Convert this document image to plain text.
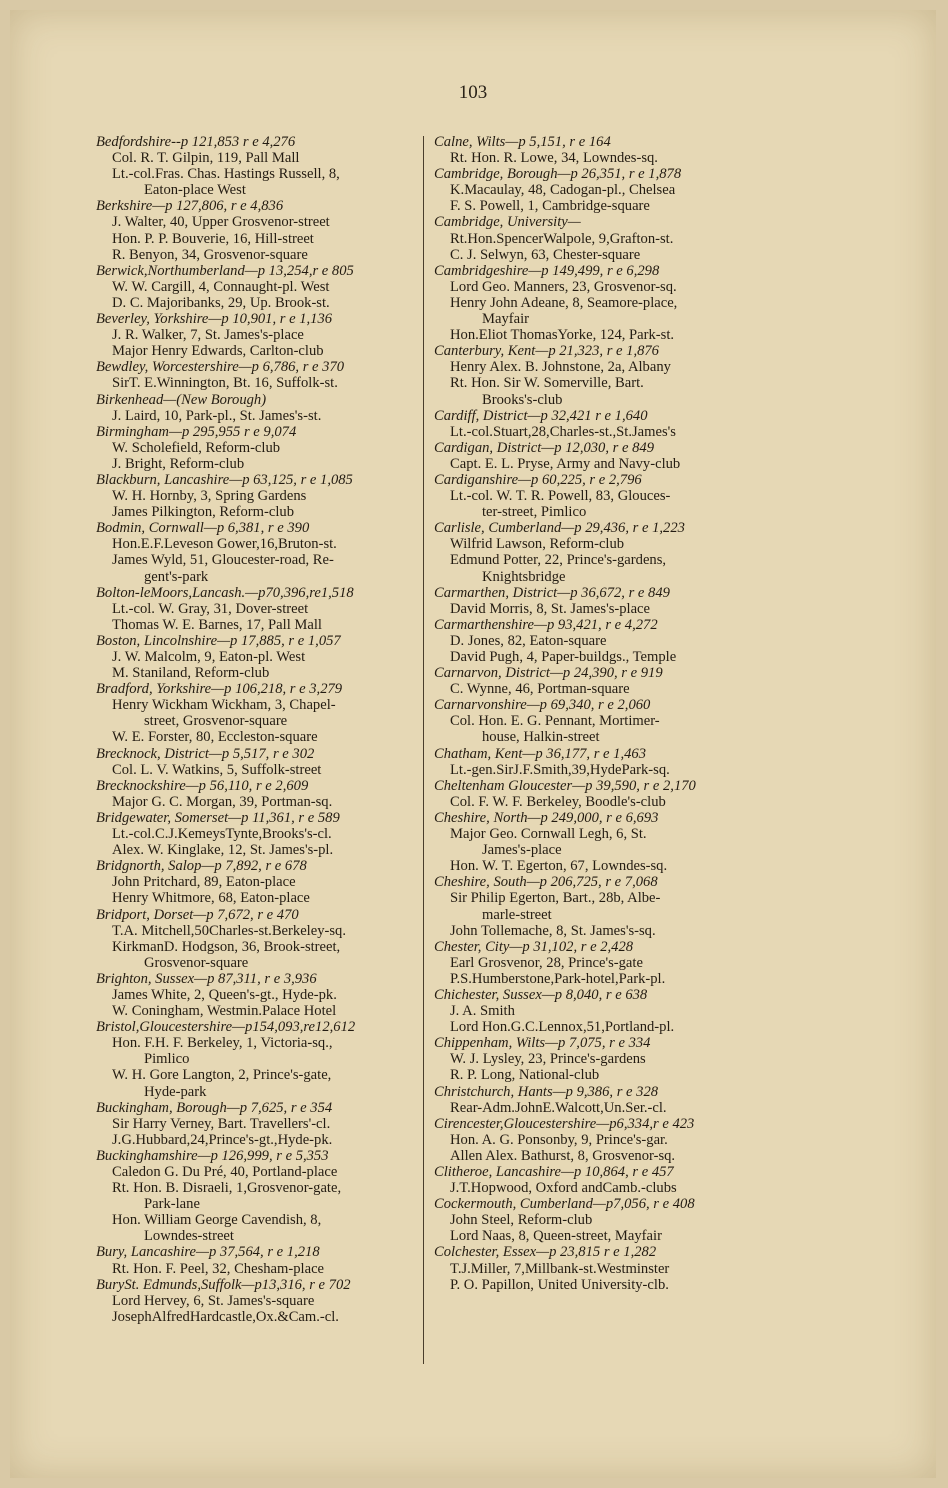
103
Bedfordshire--p 121,853 r e 4,276
Col. R. T. Gilpin, 119, Pall Mall
Lt.-col.Fras. Chas. Hastings Russell, 8,
Eaton-place West
Berkshire—p 127,806, r e 4,836
J. Walter, 40, Upper Grosvenor-street
Hon. P. P. Bouverie, 16, Hill-street
R. Benyon, 34, Grosvenor-square
Berwick,Northumberland—p 13,254,r e 805
W. W. Cargill, 4, Connaught-pl. West
D. C. Majoribanks, 29, Up. Brook-st.
Beverley, Yorkshire—p 10,901, r e 1,136
J. R. Walker, 7, St. James's-place
Major Henry Edwards, Carlton-club
Bewdley, Worcestershire—p 6,786, r e 370
SirT. E.Winnington, Bt. 16, Suffolk-st.
Birkenhead—(New Borough)
J. Laird, 10, Park-pl., St. James's-st.
Birmingham—p 295,955 r e 9,074
W. Scholefield, Reform-club
J. Bright, Reform-club
Blackburn, Lancashire—p 63,125, r e 1,085
W. H. Hornby, 3, Spring Gardens
James Pilkington, Reform-club
Bodmin, Cornwall—p 6,381, r e 390
Hon.E.F.Leveson Gower,16,Bruton-st.
James Wyld, 51, Gloucester-road, Re-
gent's-park
Bolton-leMoors,Lancash.—p70,396,re1,518
Lt.-col. W. Gray, 31, Dover-street
Thomas W. E. Barnes, 17, Pall Mall
Boston, Lincolnshire—p 17,885, r e 1,057
J. W. Malcolm, 9, Eaton-pl. West
M. Staniland, Reform-club
Bradford, Yorkshire—p 106,218, r e 3,279
Henry Wickham Wickham, 3, Chapel-
street, Grosvenor-square
W. E. Forster, 80, Eccleston-square
Brecknock, District—p 5,517, r e 302
Col. L. V. Watkins, 5, Suffolk-street
Brecknockshire—p 56,110, r e 2,609
Major G. C. Morgan, 39, Portman-sq.
Bridgewater, Somerset—p 11,361, r e 589
Lt.-col.C.J.KemeysTynte,Brooks's-cl.
Alex. W. Kinglake, 12, St. James's-pl.
Bridgnorth, Salop—p 7,892, r e 678
John Pritchard, 89, Eaton-place
Henry Whitmore, 68, Eaton-place
Bridport, Dorset—p 7,672, r e 470
T.A. Mitchell,50Charles-st.Berkeley-sq.
KirkmanD. Hodgson, 36, Brook-street,
Grosvenor-square
Brighton, Sussex—p 87,311, r e 3,936
James White, 2, Queen's-gt., Hyde-pk.
W. Coningham, Westmin.Palace Hotel
Bristol,Gloucestershire—p154,093,re12,612
Hon. F.H. F. Berkeley, 1, Victoria-sq.,
Pimlico
W. H. Gore Langton, 2, Prince's-gate,
Hyde-park
Buckingham, Borough—p 7,625, r e 354
Sir Harry Verney, Bart. Travellers'-cl.
J.G.Hubbard,24,Prince's-gt.,Hyde-pk.
Buckinghamshire—p 126,999, r e 5,353
Caledon G. Du Pré, 40, Portland-place
Rt. Hon. B. Disraeli, 1,Grosvenor-gate,
Park-lane
Hon. William George Cavendish, 8,
Lowndes-street
Bury, Lancashire—p 37,564, r e 1,218
Rt. Hon. F. Peel, 32, Chesham-place
BurySt. Edmunds,Suffolk—p13,316, r e 702
Lord Hervey, 6, St. James's-square
JosephAlfredHardcastle,Ox.&Cam.-cl.
Calne, Wilts—p 5,151, r e 164
Rt. Hon. R. Lowe, 34, Lowndes-sq.
Cambridge, Borough—p 26,351, r e 1,878
K.Macaulay, 48, Cadogan-pl., Chelsea
F. S. Powell, 1, Cambridge-square
Cambridge, University—
Rt.Hon.SpencerWalpole, 9,Grafton-st.
C. J. Selwyn, 63, Chester-square
Cambridgeshire—p 149,499, r e 6,298
Lord Geo. Manners, 23, Grosvenor-sq.
Henry John Adeane, 8, Seamore-place,
Mayfair
Hon.Eliot ThomasYorke, 124, Park-st.
Canterbury, Kent—p 21,323, r e 1,876
Henry Alex. B. Johnstone, 2a, Albany
Rt. Hon. Sir W. Somerville, Bart.
Brooks's-club
Cardiff, District—p 32,421 r e 1,640
Lt.-col.Stuart,28,Charles-st.,St.James's
Cardigan, District—p 12,030, r e 849
Capt. E. L. Pryse, Army and Navy-club
Cardiganshire—p 60,225, r e 2,796
Lt.-col. W. T. R. Powell, 83, Glouces-
ter-street, Pimlico
Carlisle, Cumberland—p 29,436, r e 1,223
Wilfrid Lawson, Reform-club
Edmund Potter, 22, Prince's-gardens,
Knightsbridge
Carmarthen, District—p 36,672, r e 849
David Morris, 8, St. James's-place
Carmarthenshire—p 93,421, r e 4,272
D. Jones, 82, Eaton-square
David Pugh, 4, Paper-buildgs., Temple
Carnarvon, District—p 24,390, r e 919
C. Wynne, 46, Portman-square
Carnarvonshire—p 69,340, r e 2,060
Col. Hon. E. G. Pennant, Mortimer-
house, Halkin-street
Chatham, Kent—p 36,177, r e 1,463
Lt.-gen.SirJ.F.Smith,39,HydePark-sq.
Cheltenham Gloucester—p 39,590, r e 2,170
Col. F. W. F. Berkeley, Boodle's-club
Cheshire, North—p 249,000, r e 6,693
Major Geo. Cornwall Legh, 6, St.
James's-place
Hon. W. T. Egerton, 67, Lowndes-sq.
Cheshire, South—p 206,725, r e 7,068
Sir Philip Egerton, Bart., 28b, Albe-
marle-street
John Tollemache, 8, St. James's-sq.
Chester, City—p 31,102, r e 2,428
Earl Grosvenor, 28, Prince's-gate
P.S.Humberstone,Park-hotel,Park-pl.
Chichester, Sussex—p 8,040, r e 638
J. A. Smith
Lord Hon.G.C.Lennox,51,Portland-pl.
Chippenham, Wilts—p 7,075, r e 334
W. J. Lysley, 23, Prince's-gardens
R. P. Long, National-club
Christchurch, Hants—p 9,386, r e 328
Rear-Adm.JohnE.Walcott,Un.Ser.-cl.
Cirencester,Gloucestershire—p6,334,r e 423
Hon. A. G. Ponsonby, 9, Prince's-gar.
Allen Alex. Bathurst, 8, Grosvenor-sq.
Clitheroe, Lancashire—p 10,864, r e 457
J.T.Hopwood, Oxford andCamb.-clubs
Cockermouth, Cumberland—p7,056, r e 408
John Steel, Reform-club
Lord Naas, 8, Queen-street, Mayfair
Colchester, Essex—p 23,815 r e 1,282
T.J.Miller, 7,Millbank-st.Westminster
P. O. Papillon, United University-clb.
